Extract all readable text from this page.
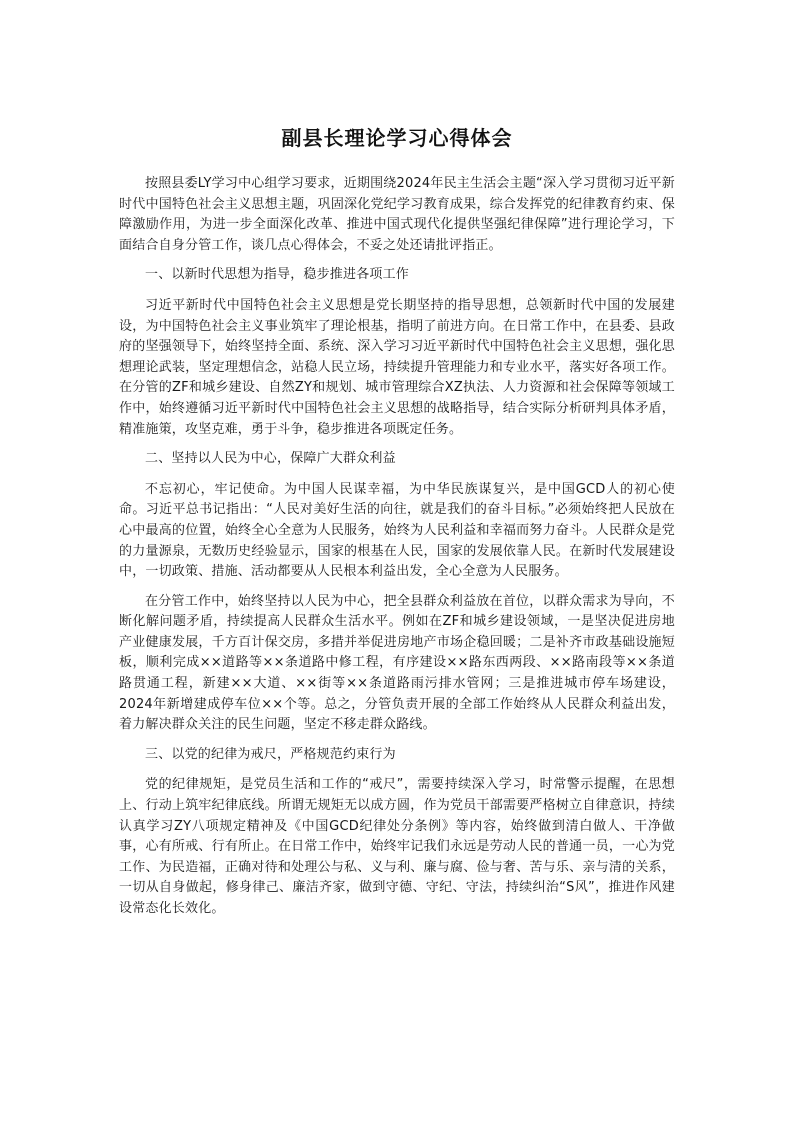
副县长理论学习心得体会

按照县委LY学习中心组学习要求，近期围绕2024年民主生活会主题“深入学习贯彻习近平新时代中国特色社会主义思想主题，巩固深化党纪学习教育成果，综合发挥党的纪律教育约束、保障激励作用，为进一步全面深化改革、推进中国式现代化提供坚强纪律保障”进行理论学习，下面结合自身分管工作，谈几点心得体会，不妥之处还请批评指正。

一、以新时代思想为指导，稳步推进各项工作

习近平新时代中国特色社会主义思想是党长期坚持的指导思想，总领新时代中国的发展建设，为中国特色社会主义事业筑牢了理论根基，指明了前进方向。在日常工作中，在县委、县政府的坚强领导下，始终坚持全面、系统、深入学习习近平新时代中国特色社会主义思想，强化思想理论武装，坚定理想信念，站稳人民立场，持续提升管理能力和专业水平，落实好各项工作。在分管的ZF和城乡建设、自然ZY和规划、城市管理综合XZ执法、人力资源和社会保障等领域工作中，始终遵循习近平新时代中国特色社会主义思想的战略指导，结合实际分析研判具体矛盾，精准施策，攻坚克难，勇于斗争，稳步推进各项既定任务。

二、坚持以人民为中心，保障广大群众利益

不忘初心，牢记使命。为中国人民谋幸福，为中华民族谋复兴，是中国GCD人的初心使命。习近平总书记指出：“人民对美好生活的向往，就是我们的奋斗目标。”必须始终把人民放在心中最高的位置，始终全心全意为人民服务，始终为人民利益和幸福而努力奋斗。人民群众是党的力量源泉，无数历史经验显示，国家的根基在人民，国家的发展依靠人民。在新时代发展建设中，一切政策、措施、活动都要从人民根本利益出发，全心全意为人民服务。

在分管工作中，始终坚持以人民为中心，把全县群众利益放在首位，以群众需求为导向，不断化解问题矛盾，持续提高人民群众生活水平。例如在ZF和城乡建设领域，一是坚决促进房地产业健康发展，千方百计保交房，多措并举促进房地产市场企稳回暖；二是补齐市政基础设施短板，顺利完成××道路等××条道路中修工程，有序建设××路东西两段、××路南段等××条道路贯通工程，新建××大道、××街等××条道路雨污排水管网；三是推进城市停车场建设，2024年新增建成停车位××个等。总之，分管负责开展的全部工作始终从人民群众利益出发，着力解决群众关注的民生问题，坚定不移走群众路线。

三、以党的纪律为戒尺，严格规范约束行为

党的纪律规矩，是党员生活和工作的“戒尺”，需要持续深入学习，时常警示提醒，在思想上、行动上筑牢纪律底线。所谓无规矩无以成方圆，作为党员干部需要严格树立自律意识，持续认真学习ZY八项规定精神及《中国GCD纪律处分条例》等内容，始终做到清白做人、干净做事，心有所戒、行有所止。在日常工作中，始终牢记我们永远是劳动人民的普通一员，一心为党工作、为民造福，正确对待和处理公与私、义与利、廉与腐、俭与奢、苦与乐、亲与清的关系，一切从自身做起，修身律己、廉洁齐家，做到守德、守纪、守法，持续纠治“S风”，推进作风建设常态化长效化。
